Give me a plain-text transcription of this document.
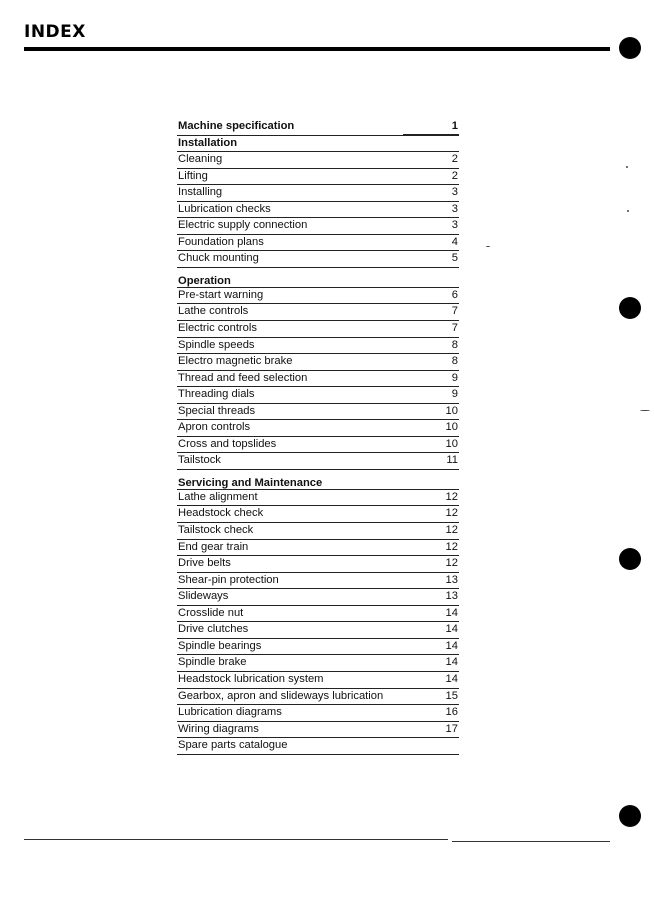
INDEX
Machine specification	1
Installation
Cleaning	2
Lifting	2
Installing	3
Lubrication checks	3
Electric supply connection	3
Foundation plans	4
Chuck mounting	5
Operation
Pre-start warning	6
Lathe controls	7
Electric controls	7
Spindle speeds	8
Electro magnetic brake	8
Thread and feed selection	9
Threading dials	9
Special threads	10
Apron controls	10
Cross and topslides	10
Tailstock	11
Servicing and Maintenance
Lathe alignment	12
Headstock check	12
Tailstock check	12
End gear train	12
Drive belts	12
Shear-pin protection	13
Slideways	13
Crosslide nut	14
Drive clutches	14
Spindle bearings	14
Spindle brake	14
Headstock lubrication system	14
Gearbox, apron and slideways lubrication	15
Lubrication diagrams	16
Wiring diagrams	17
Spare parts catalogue
